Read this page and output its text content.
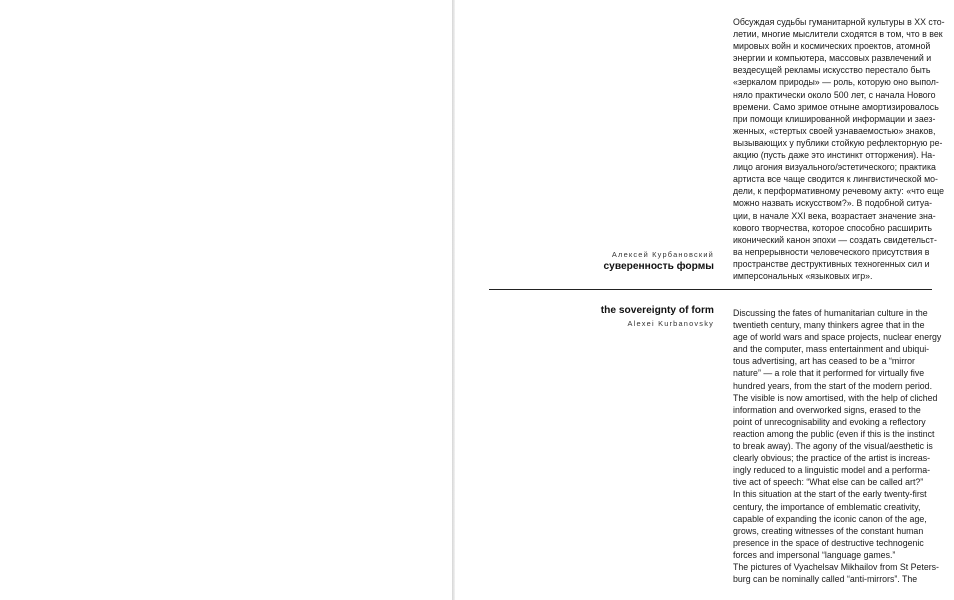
Обсуждая судьбы гуманитарной культуры в XX сто-
летии, многие мыслители сходятся в том, что в век
мировых войн и космических проектов, атомной
энергии и компьютера, массовых развлечений и
вездесущей рекламы искусство перестало быть
«зеркалом природы» — роль, которую оно выпол-
няло практически около 500 лет, с начала Нового
времени. Само зримое отныне амортизировалось
при помощи клишированной информации и заез-
женных, «стертых своей узнаваемостью» знаков,
вызывающих у публики стойкую рефлекторную ре-
акцию (пусть даже это инстинкт отторжения). На-
лицо агония визуального/эстетического; практика
артиста все чаще сводится к лингвистической мо-
дели, к перформативному речевому акту: «что еще
можно назвать искусством?». В подобной ситуа-
ции, в начале XXI века, возрастает значение зна-
кового творчества, которое способно расширить
иконический канон эпохи — создать свидетельст-
ва непрерывности человеческого присутствия в
пространстве деструктивных техногенных сил и
имперсональных «языковых игр».
Алексей Курбановский
суверенность формы
the sovereignty of form
Alexei Kurbanovsky
Discussing the fates of humanitarian culture in the
twentieth century, many thinkers agree that in the
age of world wars and space projects, nuclear energy
and the computer, mass entertainment and ubiqui-
tous advertising, art has ceased to be a “mirror
nature” — a role that it performed for virtually five
hundred years, from the start of the modern period.
The visible is now amortised, with the help of cliched
information and overworked signs, erased to the
point of unrecognisability and evoking a reflectory
reaction among the public (even if this is the instinct
to break away). The agony of the visual/aesthetic is
clearly obvious; the practice of the artist is increas-
ingly reduced to a linguistic model and a performa-
tive act of speech: “What else can be called art?”
In this situation at the start of the early twenty-first
century, the importance of emblematic creativity,
capable of expanding the iconic canon of the age,
grows, creating witnesses of the constant human
presence in the space of destructive technogenic
forces and impersonal “language games.”
The pictures of Vyachelsav Mikhailov from St Peters-
burg can be nominally called “anti-mirrors”. The
